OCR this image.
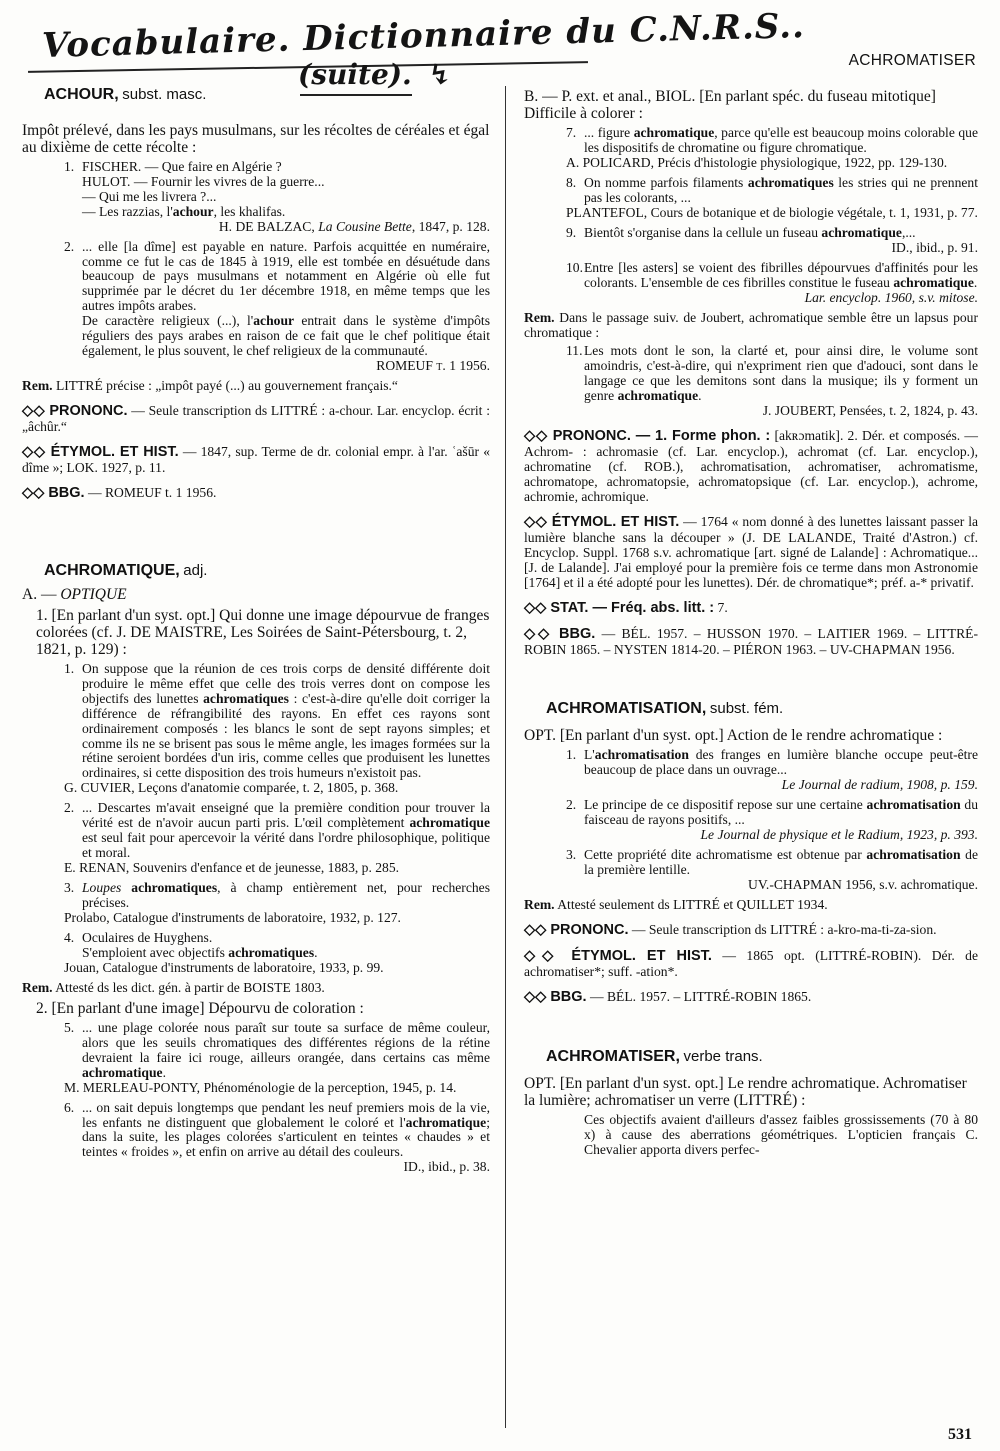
Vocabulaire. Dictionnaire du C.N.R.S..
(suite). ↯	ACHROMATISER

ACHOUR, subst. masc.

Impôt prélevé, dans les pays musulmans, sur les récoltes de céréales et égal au dixième de cette récolte :

1. FISCHER. — Que faire en Algérie ?
HULOT. — Fournir les vivres de la guerre...
— Qui me les livrera ?...
— Les razzias, l'achour, les khalifas.
H. DE BALZAC, La Cousine Bette, 1847, p. 128.
2. ... elle [la dîme] est payable en nature. Parfois acquittée en numéraire, comme ce fut le cas de 1845 à 1919, elle est tombée en désuétude dans beaucoup de pays musulmans et notamment en Algérie où elle fut supprimée par le décret du 1er décembre 1918, en même temps que les autres impôts arabes.
De caractère religieux (...), l'achour entrait dans le système d'impôts réguliers des pays arabes en raison de ce fait que le chef politique était également, le plus souvent, le chef religieux de la communauté.
ROMEUF t. 1 1956.

Rem. LITTRÉ précise : „impôt payé (...) au gouvernement français.“

◇◇ PRONONC. — Seule transcription ds LITTRÉ : a-chour. Lar. encyclop. écrit : „âchûr.“

◇◇ ÉTYMOL. ET HIST. — 1847, sup. Terme de dr. colonial empr. à l'ar. ʿašūr « dîme »; LOK. 1927, p. 11.

◇◇ BBG. — ROMEUF t. 1 1956.

ACHROMATIQUE, adj.

A. — OPTIQUE

1. [En parlant d'un syst. opt.] Qui donne une image dépourvue de franges colorées (cf. J. DE MAISTRE, Les Soirées de Saint-Pétersbourg, t. 2, 1821, p. 129) :

1. On suppose que la réunion de ces trois corps de densité différente doit produire le même effet que celle des trois verres dont on compose les objectifs des lunettes achromatiques : c'est-à-dire qu'elle doit corriger la différence de réfrangibilité des rayons. En effet ces rayons sont ordinairement composés : les blancs le sont de sept rayons simples; et comme ils ne se brisent pas sous le même angle, les images formées sur la rétine seroient bordées d'un iris, comme celles que produisent les lunettes ordinaires, si cette disposition des trois humeurs n'existoit pas.
G. CUVIER, Leçons d'anatomie comparée, t. 2, 1805, p. 368.
2. ... Descartes m'avait enseigné que la première condition pour trouver la vérité est de n'avoir aucun parti pris. L'œil complètement achromatique est seul fait pour apercevoir la vérité dans l'ordre philosophique, politique et moral.
E. RENAN, Souvenirs d'enfance et de jeunesse, 1883, p. 285.
3. Loupes achromatiques, à champ entièrement net, pour recherches précises.
Prolabo, Catalogue d'instruments de laboratoire, 1932, p. 127.
4. Oculaires de Huyghens.
S'emploient avec objectifs achromatiques.
Jouan, Catalogue d'instruments de laboratoire, 1933, p. 99.

Rem. Attesté ds les dict. gén. à partir de BOISTE 1803.

2. [En parlant d'une image] Dépourvu de coloration :

5. ... une plage colorée nous paraît sur toute sa surface de même couleur, alors que les seuils chromatiques des différentes régions de la rétine devraient la faire ici rouge, ailleurs orangée, dans certains cas même achromatique.
M. MERLEAU-PONTY, Phénoménologie de la perception, 1945, p. 14.
6. ... on sait depuis longtemps que pendant les neuf premiers mois de la vie, les enfants ne distinguent que globalement le coloré et l'achromatique; dans la suite, les plages colorées s'articulent en teintes « chaudes » et teintes « froides », et enfin on arrive au détail des couleurs.
ID., ibid., p. 38.

B. — P. ext. et anal., BIOL. [En parlant spéc. du fuseau mitotique] Difficile à colorer :

7. ... figure achromatique, parce qu'elle est beaucoup moins colorable que les dispositifs de chromatine ou figure chromatique.
A. POLICARD, Précis d'histologie physiologique, 1922, pp. 129-130.
8. On nomme parfois filaments achromatiques les stries qui ne prennent pas les colorants, ...
PLANTEFOL, Cours de botanique et de biologie végétale, t. 1, 1931, p. 77.
9. Bientôt s'organise dans la cellule un fuseau achromatique,...
ID., ibid., p. 91.
10.Entre [les asters] se voient des fibrilles dépourvues d'affinités pour les colorants. L'ensemble de ces fibrilles constitue le fuseau achromatique.
Lar. encyclop. 1960, s.v. mitose.

Rem. Dans le passage suiv. de Joubert, achromatique semble être un lapsus pour chromatique :

11. Les mots dont le son, la clarté et, pour ainsi dire, le volume sont amoindris, c'est-à-dire, qui n'expriment rien que d'adouci, sont dans le langage ce que les demitons sont dans la musique; ils y forment un genre achromatique.
J. JOUBERT, Pensées, t. 2, 1824, p. 43.

◇◇ PRONONC. — 1. Forme phon. : [akʀɔmatik]. 2. Dér. et composés. — Achrom- : achromasie (cf. Lar. encyclop.), achromat (cf. Lar. encyclop.), achromatine (cf. ROB.), achromatisation, achromatiser, achromatisme, achromatope, achromatopsie, achromatopsique (cf. Lar. encyclop.), achrome, achromie, achromique.

◇◇ ÉTYMOL. ET HIST. — 1764 « nom donné à des lunettes laissant passer la lumière blanche sans la découper » (J. DE LALANDE, Traité d'Astron.) cf. Encyclop. Suppl. 1768 s.v. achromatique [art. signé de Lalande] : Achromatique... [J. de Lalande]. J'ai employé pour la première fois ce terme dans mon Astronomie [1764] et il a été adopté pour les lunettes). Dér. de chromatique*; préf. a-* privatif.

◇◇ STAT. — Fréq. abs. litt. : 7.

◇◇ BBG. — BÉL. 1957. – HUSSON 1970. – LAITIER 1969. – LITTRÉ-ROBIN 1865. – NYSTEN 1814-20. – PIÉRON 1963. – UV-CHAPMAN 1956.

ACHROMATISATION, subst. fém.

OPT. [En parlant d'un syst. opt.] Action de le rendre achromatique :

1. L'achromatisation des franges en lumière blanche occupe peut-être beaucoup de place dans un ouvrage...
Le Journal de radium, 1908, p. 159.
2. Le principe de ce dispositif repose sur une certaine achromatisation du faisceau de rayons positifs, ...
Le Journal de physique et le Radium, 1923, p. 393.
3. Cette propriété dite achromatisme est obtenue par achromatisation de la première lentille.
UV.-CHAPMAN 1956, s.v. achromatique.

Rem. Attesté seulement ds LITTRÉ et QUILLET 1934.

◇◇ PRONONC. — Seule transcription ds LITTRÉ : a-kro-ma-ti-za-sion.

◇◇ ÉTYMOL. ET HIST. — 1865 opt. (LITTRÉ-ROBIN). Dér. de achromatiser*; suff. -ation*.

◇◇ BBG. — BÉL. 1957. – LITTRÉ-ROBIN 1865.

ACHROMATISER, verbe trans.

OPT. [En parlant d'un syst. opt.] Le rendre achromatique. Achromatiser la lumière; achromatiser un verre (LITTRÉ) :

Ces objectifs avaient d'ailleurs d'assez faibles grossissements (70 à 80 x) à cause des aberrations géométriques. L'opticien français C. Chevalier apporta divers perfec-
531
